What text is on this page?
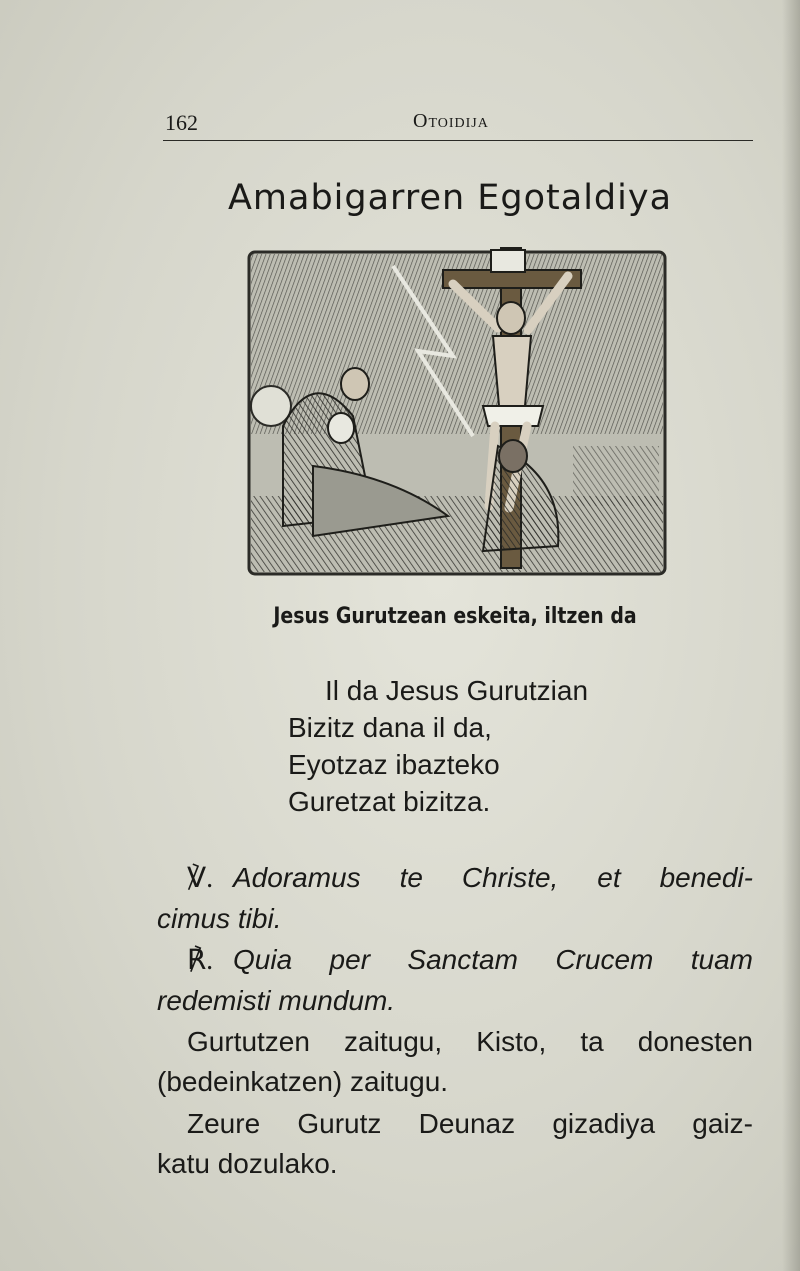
162	Otoidija
Amabigarren Egotaldiya
Jesus Gurutzean eskeita, iltzen da
Il da Jesus Gurutzian
Bizitz dana il da,
Eyotzaz ibazteko
Guretzat bizitza.
℣. Adoramus te Christe, et benedi-
cimus tibi.
℟. Quia per Sanctam Crucem tuam
redemisti mundum.
Gurtutzen zaitugu, Kisto, ta donesten
(bedeinkatzen) zaitugu.
Zeure Gurutz Deunaz gizadiya gaiz-
katu dozulako.
